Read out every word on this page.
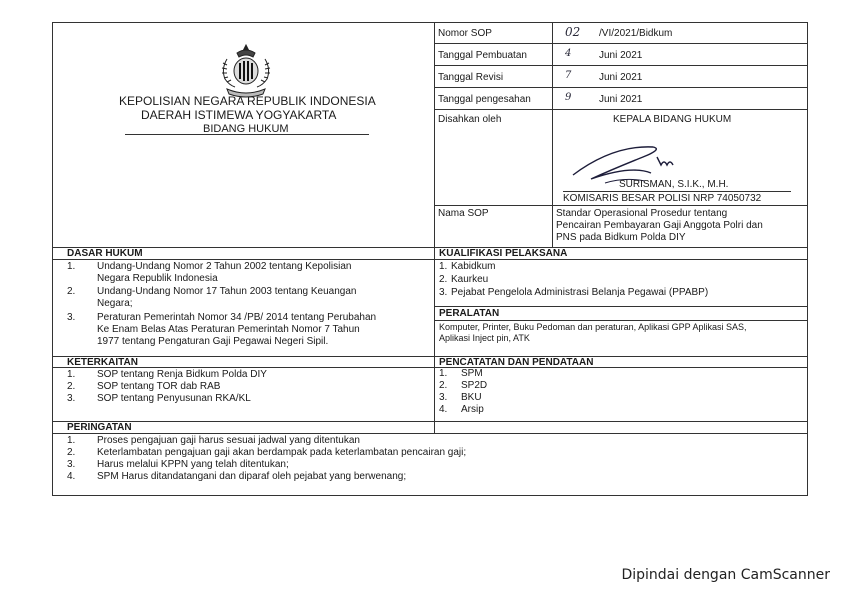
KEPOLISIAN NEGARA REPUBLIK INDONESIA
DAERAH ISTIMEWA YOGYAKARTA
BIDANG HUKUM
Nomor SOP	02 /VI/2021/Bidkum
Tanggal Pembuatan	4	Juni 2021
Tanggal Revisi	7	Juni 2021
Tanggal pengesahan	9	Juni 2021
Disahkan oleh	KEPALA BIDANG HUKUM
SURISMAN, S.I.K., M.H.
KOMISARIS BESAR POLISI NRP 74050732
Nama SOP	Standar Operasional Prosedur tentang
Pencairan Pembayaran Gaji Anggota Polri dan
PNS pada Bidkum Polda DIY
DASAR HUKUM
1. Undang-Undang Nomor 2 Tahun 2002 tentang Kepolisian
Negara Republik Indonesia
2. Undang-Undang Nomor 17 Tahun 2003 tentang Keuangan
Negara;
3. Peraturan Pemerintah Nomor 34 /PB/ 2014 tentang Perubahan
Ke Enam Belas Atas Peraturan Pemerintah Nomor 7 Tahun
1977 tentang Pengaturan Gaji Pegawai Negeri Sipil.
KUALIFIKASI PELAKSANA
1. Kabidkum
2. Kaurkeu
3. Pejabat Pengelola Administrasi Belanja Pegawai (PPABP)
PERALATAN
Komputer, Printer, Buku Pedoman dan peraturan, Aplikasi GPP Aplikasi SAS,
Aplikasi Inject pin, ATK
KETERKAITAN
1. SOP tentang Renja Bidkum Polda DIY
2. SOP tentang TOR dab RAB
3. SOP tentang Penyusunan RKA/KL
PENCATATAN DAN PENDATAAN
1. SPM
2. SP2D
3. BKU
4. Arsip
PERINGATAN
1. Proses pengajuan gaji harus sesuai jadwal yang ditentukan
2. Keterlambatan pengajuan gaji akan berdampak pada keterlambatan pencairan gaji;
3. Harus melalui KPPN yang telah ditentukan;
4. SPM Harus ditandatangani dan diparaf oleh pejabat yang berwenang;
Dipindai dengan CamScanner
